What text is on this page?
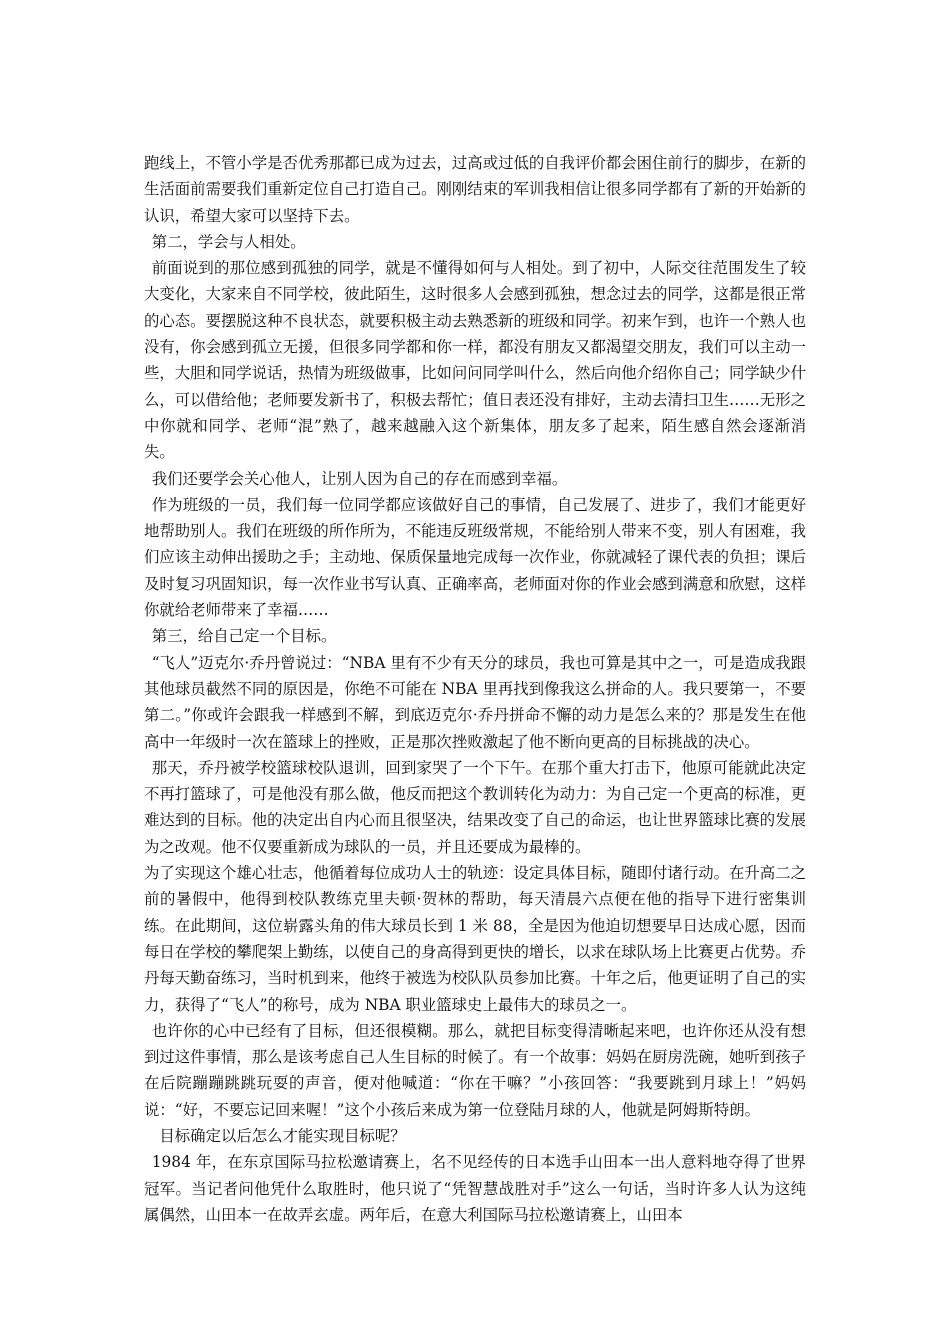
跑线上，不管小学是否优秀那都已成为过去，过高或过低的自我评价都会困住前行的脚步，在新的生活面前需要我们重新定位自己打造自己。刚刚结束的军训我相信让很多同学都有了新的开始新的认识，希望大家可以坚持下去。

第二，学会与人相处。

前面说到的那位感到孤独的同学，就是不懂得如何与人相处。到了初中，人际交往范围发生了较大变化，大家来自不同学校，彼此陌生，这时很多人会感到孤独，想念过去的同学，这都是很正常的心态。要摆脱这种不良状态，就要积极主动去熟悉新的班级和同学。初来乍到，也许一个熟人也没有，你会感到孤立无援，但很多同学都和你一样，都没有朋友又都渴望交朋友，我们可以主动一些，大胆和同学说话，热情为班级做事，比如问问同学叫什么，然后向他介绍你自己；同学缺少什么，可以借给他；老师要发新书了，积极去帮忙；值日表还没有排好，主动去清扫卫生……无形之中你就和同学、老师“混”熟了，越来越融入这个新集体，朋友多了起来，陌生感自然会逐渐消失。

我们还要学会关心他人，让别人因为自己的存在而感到幸福。

作为班级的一员，我们每一位同学都应该做好自己的事情，自己发展了、进步了，我们才能更好地帮助别人。我们在班级的所作所为，不能违反班级常规，不能给别人带来不变，别人有困难，我们应该主动伸出援助之手；主动地、保质保量地完成每一次作业，你就减轻了课代表的负担；课后及时复习巩固知识，每一次作业书写认真、正确率高，老师面对你的作业会感到满意和欣慰，这样你就给老师带来了幸福……

第三，给自己定一个目标。

“飞人”迈克尔·乔丹曾说过：“NBA 里有不少有天分的球员，我也可算是其中之一，可是造成我跟其他球员截然不同的原因是，你绝不可能在 NBA 里再找到像我这么拼命的人。我只要第一，不要第二。”你或许会跟我一样感到不解，到底迈克尔·乔丹拼命不懈的动力是怎么来的？那是发生在他高中一年级时一次在篮球上的挫败，正是那次挫败激起了他不断向更高的目标挑战的决心。

那天，乔丹被学校篮球校队退训，回到家哭了一个下午。在那个重大打击下，他原可能就此决定不再打篮球了，可是他没有那么做，他反而把这个教训转化为动力：为自己定一个更高的标准，更难达到的目标。他的决定出自内心而且很坚决，结果改变了自己的命运，也让世界篮球比赛的发展为之改观。他不仅要重新成为球队的一员，并且还要成为最棒的。

为了实现这个雄心壮志，他循着每位成功人士的轨迹：设定具体目标，随即付诸行动。在升高二之前的暑假中，他得到校队教练克里夫顿·贺林的帮助，每天清晨六点便在他的指导下进行密集训练。在此期间，这位崭露头角的伟大球员长到 1 米 88，全是因为他迫切想要早日达成心愿，因而每日在学校的攀爬架上勤练，以使自己的身高得到更快的增长，以求在球队场上比赛更占优势。乔丹每天勤奋练习，当时机到来，他终于被选为校队队员参加比赛。十年之后，他更证明了自己的实力，获得了“飞人”的称号，成为 NBA 职业篮球史上最伟大的球员之一。

也许你的心中已经有了目标，但还很模糊。那么，就把目标变得清晰起来吧，也许你还从没有想到过这件事情，那么是该考虑自己人生目标的时候了。有一个故事：妈妈在厨房洗碗，她听到孩子在后院蹦蹦跳跳玩耍的声音，便对他喊道：“你在干嘛？”小孩回答：“我要跳到月球上！”妈妈说：“好，不要忘记回来喔！”这个小孩后来成为第一位登陆月球的人，他就是阿姆斯特朗。

目标确定以后怎么才能实现目标呢？

1984 年，在东京国际马拉松邀请赛上，名不见经传的日本选手山田本一出人意料地夺得了世界冠军。当记者问他凭什么取胜时，他只说了“凭智慧战胜对手”这么一句话，当时许多人认为这纯属偶然，山田本一在故弄玄虚。两年后，在意大利国际马拉松邀请赛上，山田本
